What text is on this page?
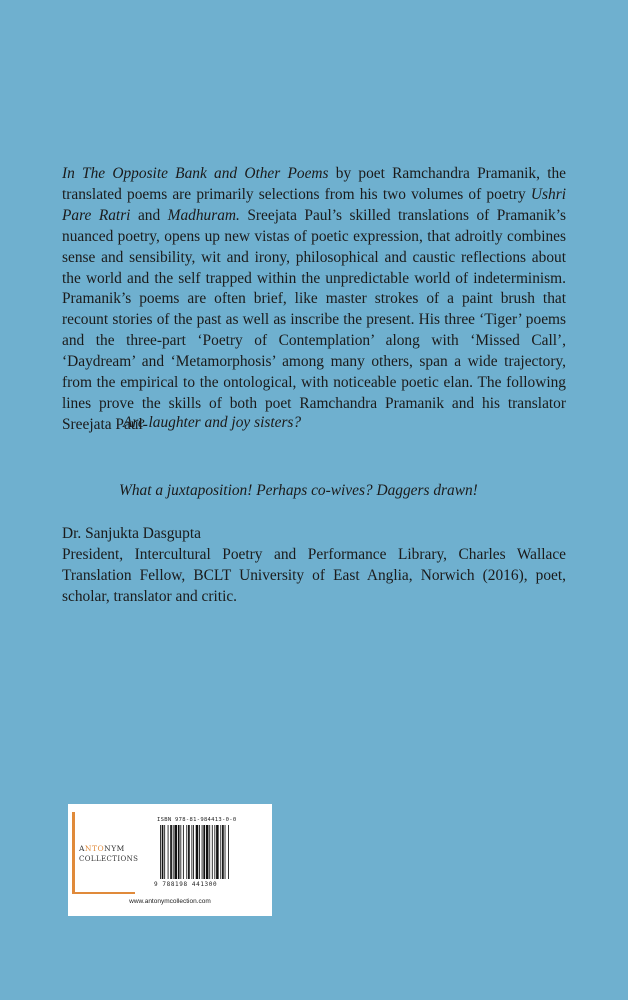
In The Opposite Bank and Other Poems by poet Ramchandra Pramanik, the translated poems are primarily selections from his two volumes of poetry Ushri Pare Ratri and Madhuram. Sreejata Paul’s skilled translations of Pramanik’s nuanced poetry, opens up new vistas of poetic expression, that adroitly combines sense and sensibility, wit and irony, philosophical and caustic reflections about the world and the self trapped within the unpredictable world of indeterminism. Pramanik’s poems are often brief, like master strokes of a paint brush that recount stories of the past as well as inscribe the present. His three ‘Tiger’ poems and the three-part ‘Poetry of Contemplation’ along with ‘Missed Call’, ‘Daydream’ and ‘Metamorphosis’ among many others, span a wide trajectory, from the empirical to the ontological, with noticeable poetic elan. The following lines prove the skills of both poet Ramchandra Pramanik and his translator Sreejata Paul-

Are laughter and joy sisters?

What a juxtaposition! Perhaps co-wives? Daggers drawn!

Dr. Sanjukta Dasgupta

President, Intercultural Poetry and Performance Library, Charles Wallace Translation Fellow, BCLT University of East Anglia, Norwich (2016), poet, scholar, translator and critic.

ANTONYM
COLLECTIONS
ISBN 978-81-984413-0-0
9 788198 441300
www.antonymcollection.com
